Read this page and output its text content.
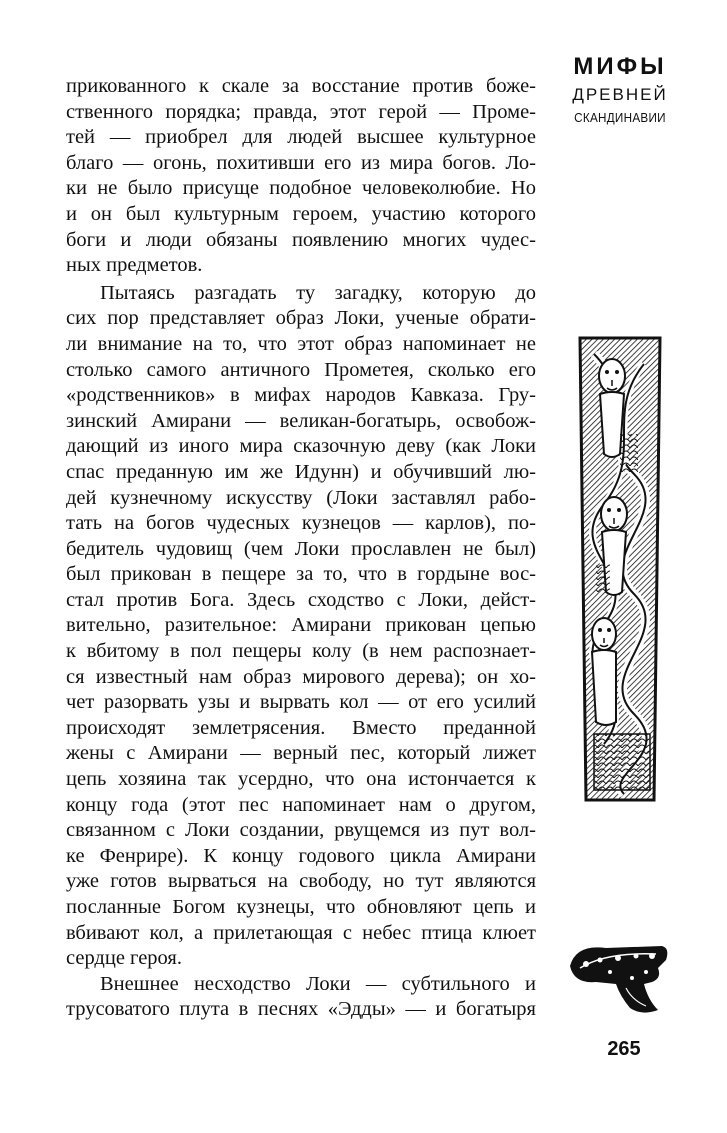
МИФЫ
ДРЕВНЕЙ
СКАНДИНАВИИ
прикованного к скале за восстание против боже-
ственного порядка; правда, этот герой — Проме-
тей — приобрел для людей высшее культурное
благо — огонь, похитивши его из мира богов. Ло-
ки не было присуще подобное человеколюбие. Но
и он был культурным героем, участию которого
боги и люди обязаны появлению многих чудес-
ных предметов.
Пытаясь разгадать ту загадку, которую до
сих пор представляет образ Локи, ученые обрати-
ли внимание на то, что этот образ напоминает не
столько самого античного Прометея, сколько его
«родственников» в мифах народов Кавказа. Гру-
зинский Амирани — великан-богатырь, освобож-
дающий из иного мира сказочную деву (как Локи
спас преданную им же Идунн) и обучивший лю-
дей кузнечному искусству (Локи заставлял рабо-
тать на богов чудесных кузнецов — карлов), по-
бедитель чудовищ (чем Локи прославлен не был)
был прикован в пещере за то, что в гордыне вос-
стал против Бога. Здесь сходство с Локи, дейст-
вительно, разительное: Амирани прикован цепью
к вбитому в пол пещеры колу (в нем распознает-
ся известный нам образ мирового дерева); он хо-
чет разорвать узы и вырвать кол — от его усилий
происходят землетрясения. Вместо преданной
жены с Амирани — верный пес, который лижет
цепь хозяина так усердно, что она истончается к
концу года (этот пес напоминает нам о другом,
связанном с Локи создании, рвущемся из пут вол-
ке Фенрире). К концу годового цикла Амирани
уже готов вырваться на свободу, но тут являются
посланные Богом кузнецы, что обновляют цепь и
вбивают кол, а прилетающая с небес птица клюет
сердце героя.
Внешнее несходство Локи — субтильного и
трусоватого плута в песнях «Эдды» — и богатыря
265
